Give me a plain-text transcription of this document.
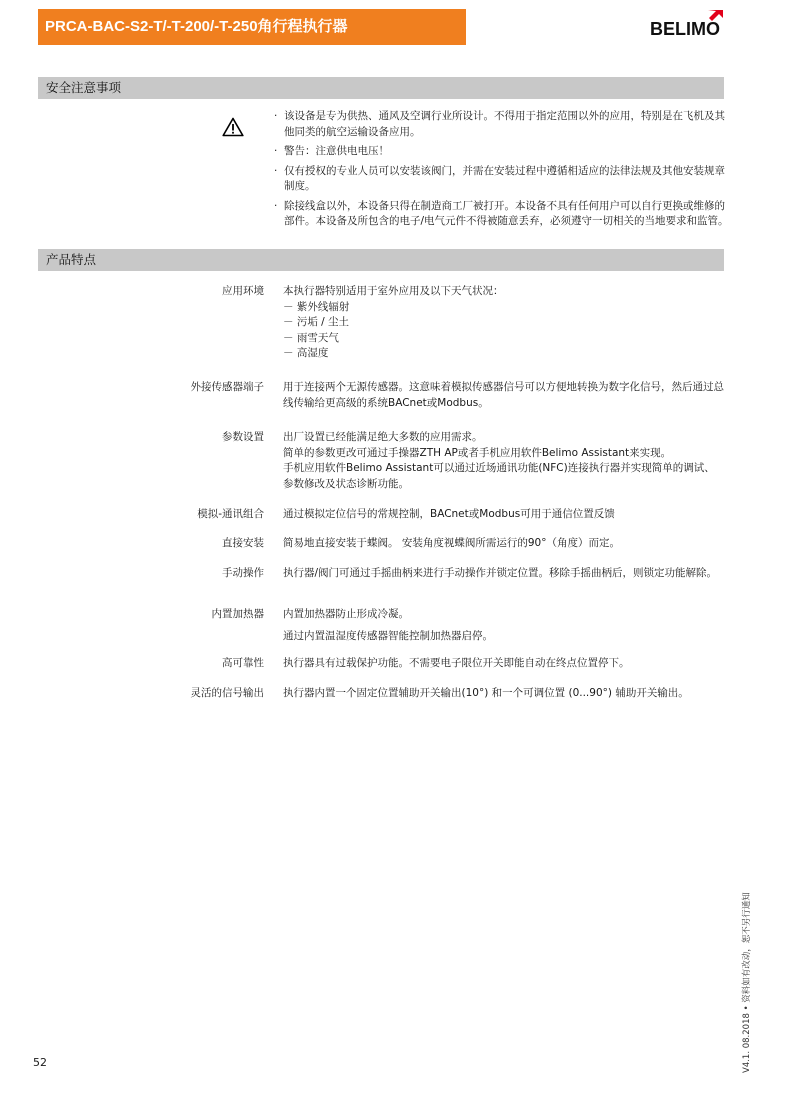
PRCA-BAC-S2-T/-T-200/-T-250角行程执行器	BELIMO
安全注意事项
· 该设备是专为供热、通风及空调行业所设计。不得用于指定范围以外的应用，特别是在飞机及其他同类的航空运输设备应用。
· 警告：注意供电电压！
· 仅有授权的专业人员可以安装该阀门，并需在安装过程中遵循相适应的法律法规及其他安装规章制度。
· 除接线盒以外，本设备只得在制造商工厂被打开。本设备不具有任何用户可以自行更换或维修的部件。本设备及所包含的电子/电气元件不得被随意丢弃，必须遵守一切相关的当地要求和监管。
产品特点
应用环境 本执行器特别适用于室外应用及以下天气状况：

－ 紫外线辐射

－ 污垢 / 尘土

－ 雨雪天气

－ 高湿度

外接传感器端子 用于连接两个无源传感器。这意味着模拟传感器信号可以方便地转换为数字化信号，然后通过总线传输给更高级的系统BACnet或Modbus。

参数设置 出厂设置已经能满足绝大多数的应用需求。

简单的参数更改可通过手操器ZTH AP或者手机应用软件Belimo Assistant来实现。

手机应用软件Belimo Assistant可以通过近场通讯功能(NFC)连接执行器并实现简单的调试、参数修改及状态诊断功能。

模拟-通讯组合 通过模拟定位信号的常规控制，BACnet或Modbus可用于通信位置反馈

直接安装 简易地直接安装于蝶阀。 安装角度视蝶阀所需运行的90°（角度）而定。

手动操作 执行器/阀门可通过手摇曲柄来进行手动操作并锁定位置。移除手摇曲柄后，则锁定功能解除。

内置加热器 内置加热器防止形成冷凝。

通过内置温湿度传感器智能控制加热器启停。

高可靠性 执行器具有过载保护功能。不需要电子限位开关即能自动在终点位置停下。

灵活的信号输出 执行器内置一个固定位置辅助开关输出(10°) 和一个可调位置 (0...90°) 辅助开关输出。

52	V4.1. 08.2018 • 资料如有改动，恕不另行通知
